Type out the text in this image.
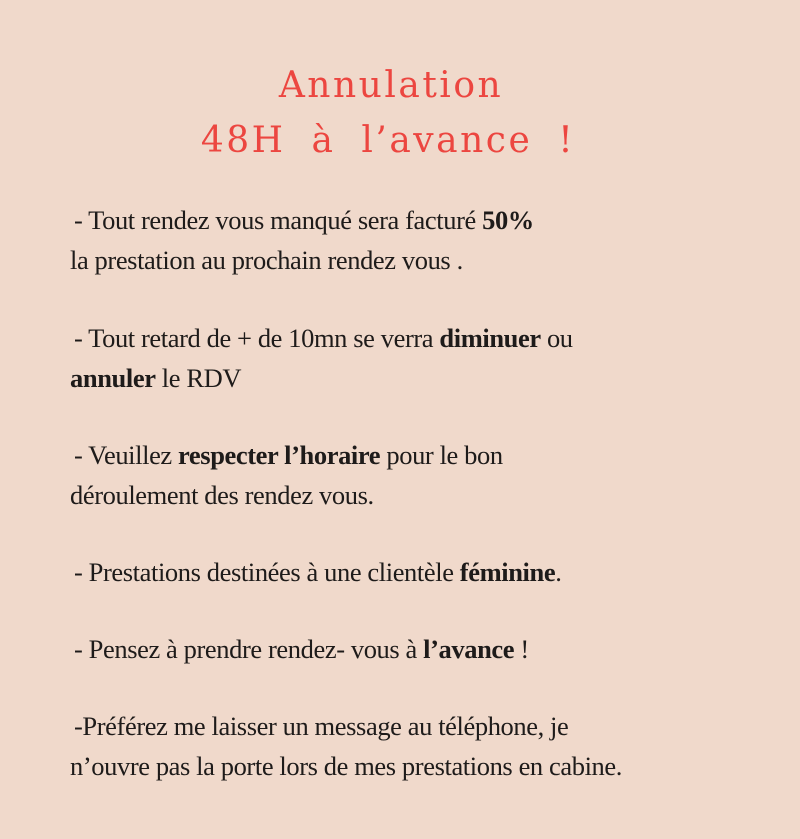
Annulation
48H à l’avance !
- Tout rendez vous manqué sera facturé 50%
la prestation au prochain rendez vous .
- Tout retard de + de 10mn se verra diminuer ou
annuler le RDV
- Veuillez respecter l’horaire pour le bon
déroulement des rendez vous.
- Prestations destinées à une clientèle féminine.
- Pensez à prendre rendez- vous à l’avance !
-Préférez me laisser un message au téléphone, je
n’ouvre pas la porte lors de mes prestations en cabine.
